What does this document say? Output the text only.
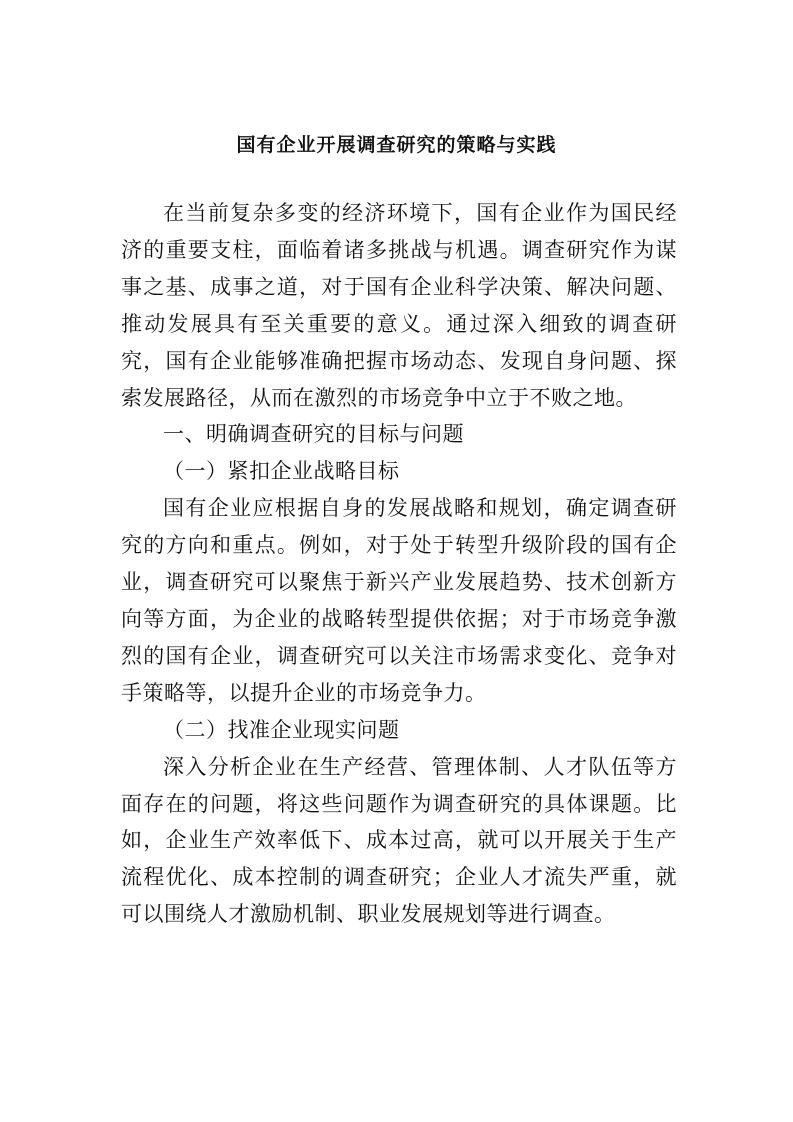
国有企业开展调查研究的策略与实践

在当前复杂多变的经济环境下，国有企业作为国民经济的重要支柱，面临着诸多挑战与机遇。调查研究作为谋事之基、成事之道，对于国有企业科学决策、解决问题、推动发展具有至关重要的意义。通过深入细致的调查研究，国有企业能够准确把握市场动态、发现自身问题、探索发展路径，从而在激烈的市场竞争中立于不败之地。

一、明确调查研究的目标与问题

（一）紧扣企业战略目标

国有企业应根据自身的发展战略和规划，确定调查研究的方向和重点。例如，对于处于转型升级阶段的国有企业，调查研究可以聚焦于新兴产业发展趋势、技术创新方向等方面，为企业的战略转型提供依据；对于市场竞争激烈的国有企业，调查研究可以关注市场需求变化、竞争对手策略等，以提升企业的市场竞争力。

（二）找准企业现实问题

深入分析企业在生产经营、管理体制、人才队伍等方面存在的问题，将这些问题作为调查研究的具体课题。比如，企业生产效率低下、成本过高，就可以开展关于生产流程优化、成本控制的调查研究；企业人才流失严重，就可以围绕人才激励机制、职业发展规划等进行调查。
